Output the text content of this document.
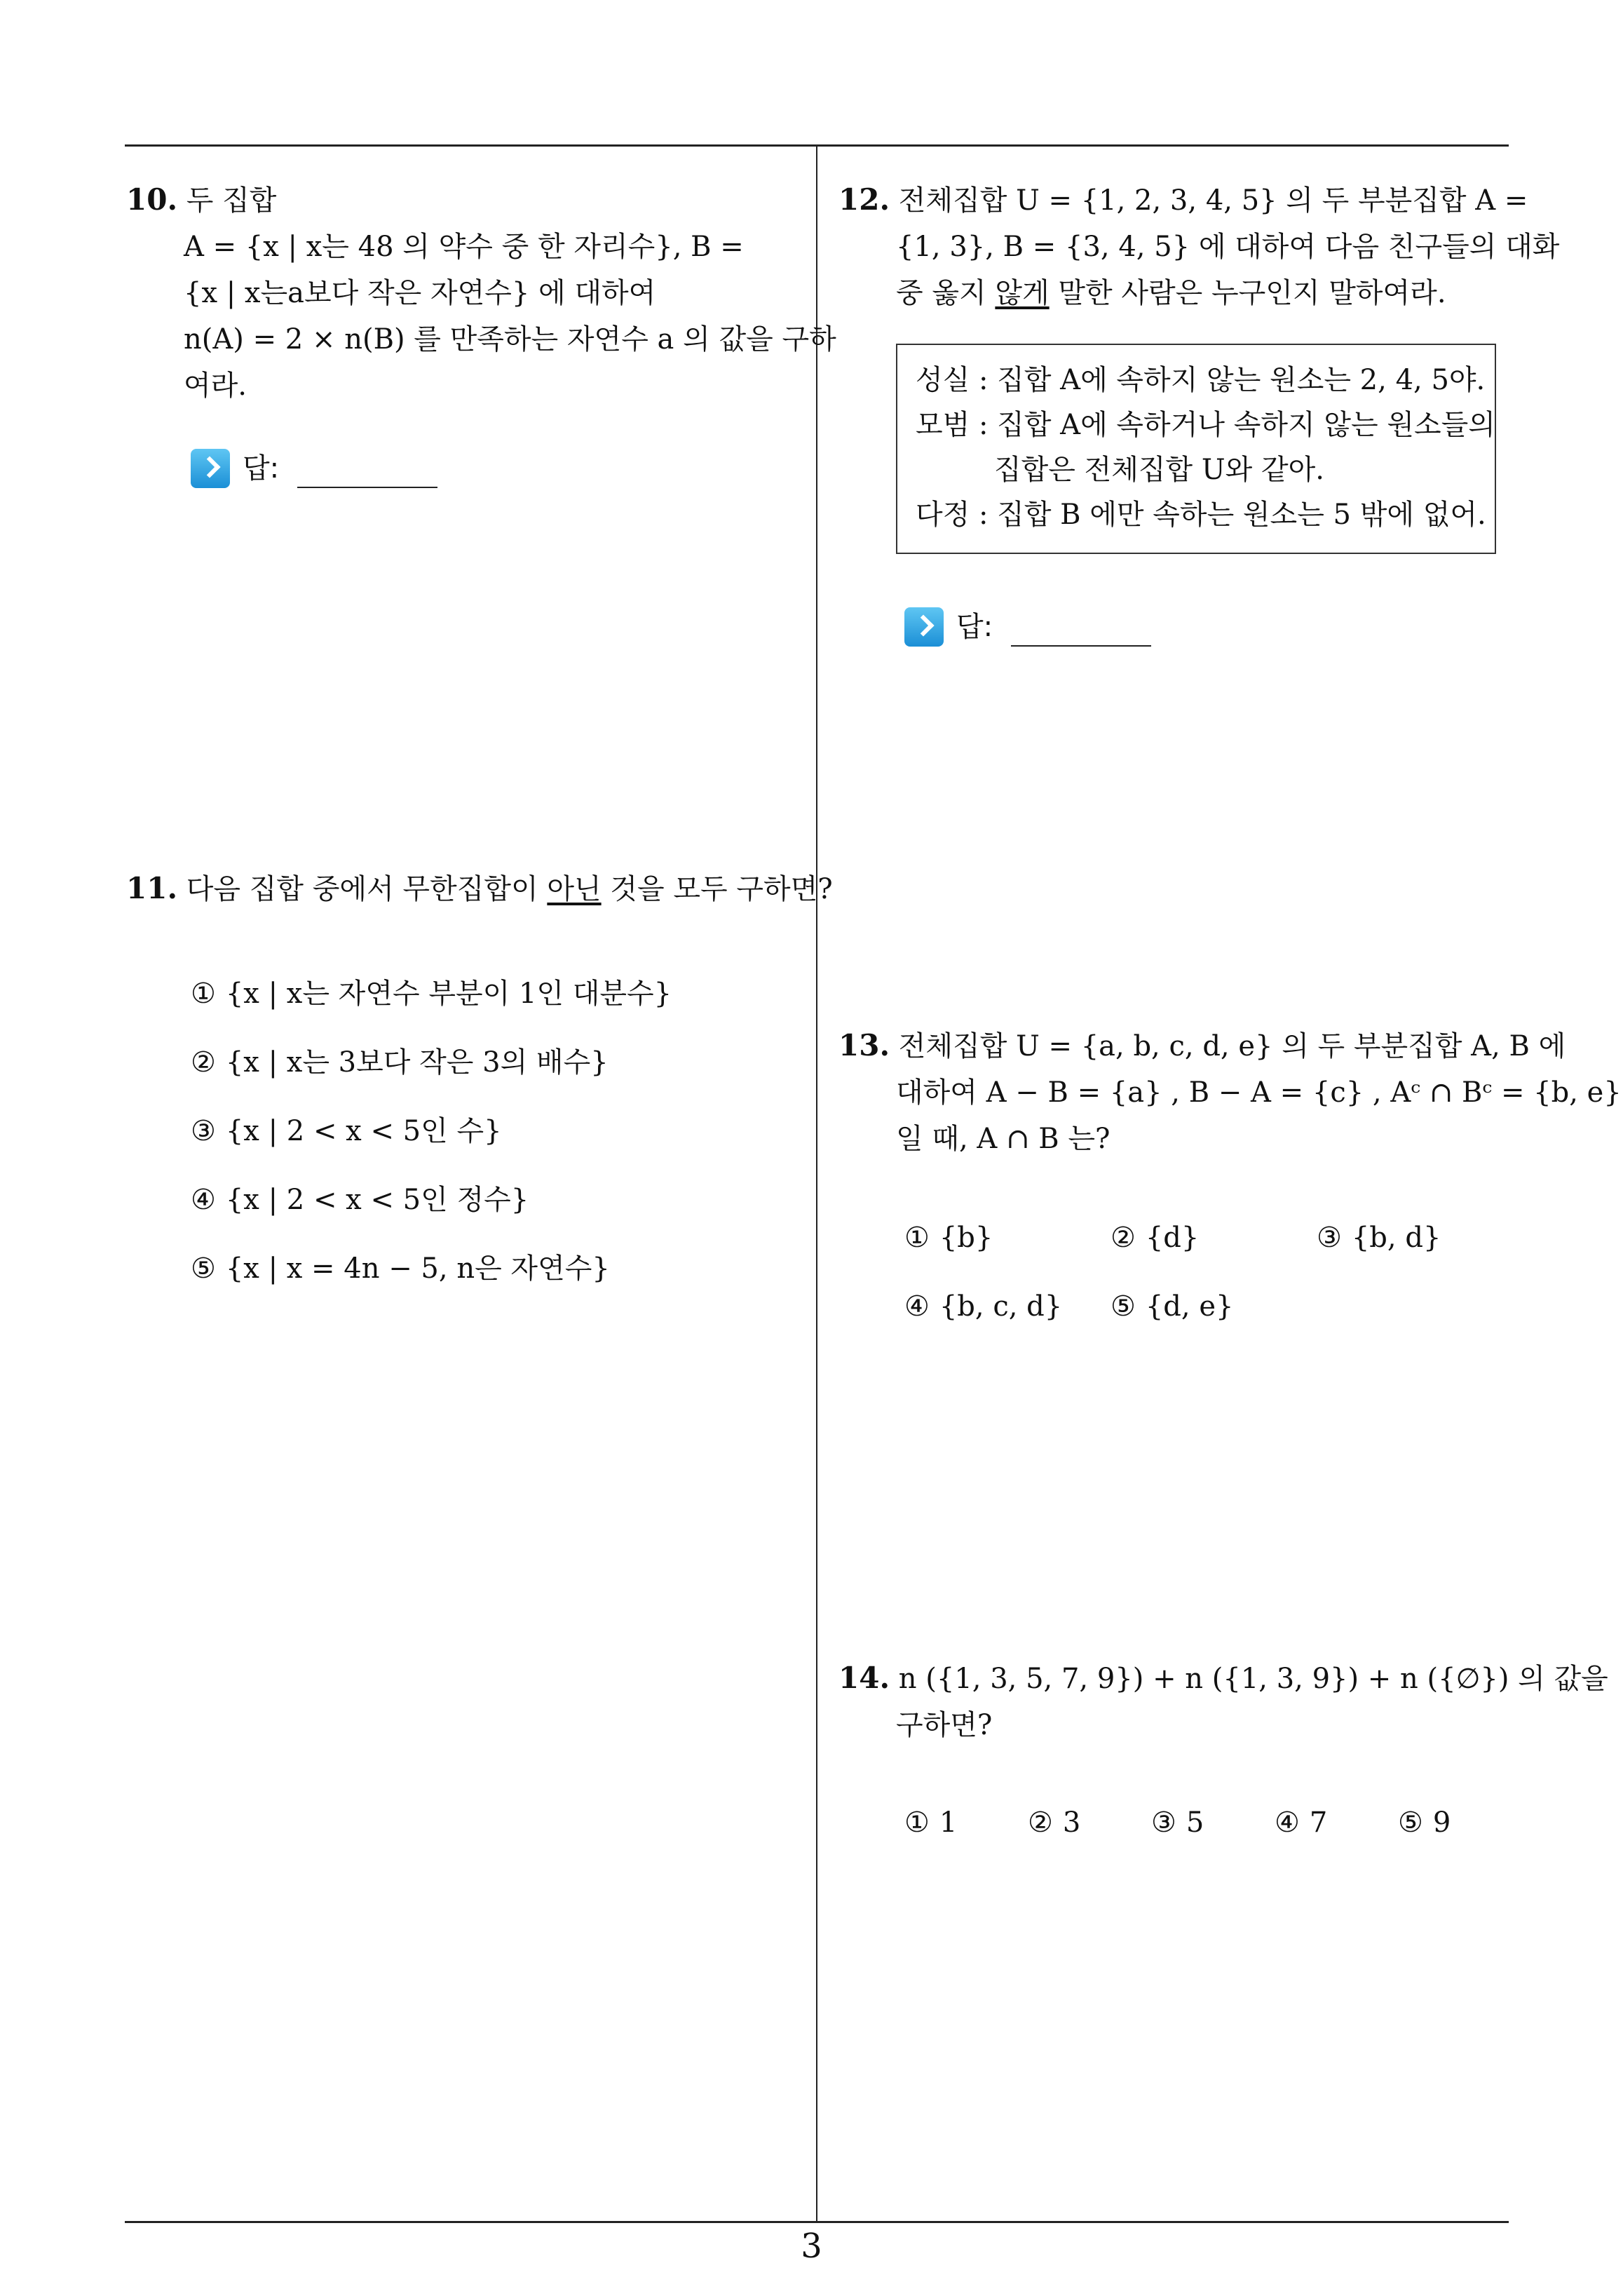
10. 두 집합
A = {x | x는 48 의 약수 중 한 자리수}, B =
{x | x는a보다 작은 자연수} 에 대하여
n(A) = 2 × n(B) 를 만족하는 자연수 a 의 값을 구하
여라.
답:
11. 다음 집합 중에서 무한집합이 아닌 것을 모두 구하면?
① {x | x는 자연수 부분이 1인 대분수}
② {x | x는 3보다 작은 3의 배수}
③ {x | 2 < x < 5인 수}
④ {x | 2 < x < 5인 정수}
⑤ {x | x = 4n − 5, n은 자연수}
12. 전체집합 U = {1, 2, 3, 4, 5} 의 두 부분집합 A =
{1, 3}, B = {3, 4, 5} 에 대하여 다음 친구들의 대화
중 옳지 않게 말한 사람은 누구인지 말하여라.
성실 : 집합 A에 속하지 않는 원소는 2, 4, 5야.
모범 : 집합 A에 속하거나 속하지 않는 원소들의
집합은 전체집합 U와 같아.
다정 : 집합 B 에만 속하는 원소는 5 밖에 없어.
답:
13. 전체집합 U = {a, b, c, d, e} 의 두 부분집합 A, B 에
대하여 A − B = {a} , B − A = {c} , Aᶜ ∩ Bᶜ = {b, e}
일 때, A ∩ B 는?
① {b}	② {d}	③ {b, d}
④ {b, c, d} ⑤ {d, e}
14. n ({1, 3, 5, 7, 9}) + n ({1, 3, 9}) + n ({∅}) 의 값을
구하면?
① 1	② 3	③ 5	④ 7	⑤ 9
3
